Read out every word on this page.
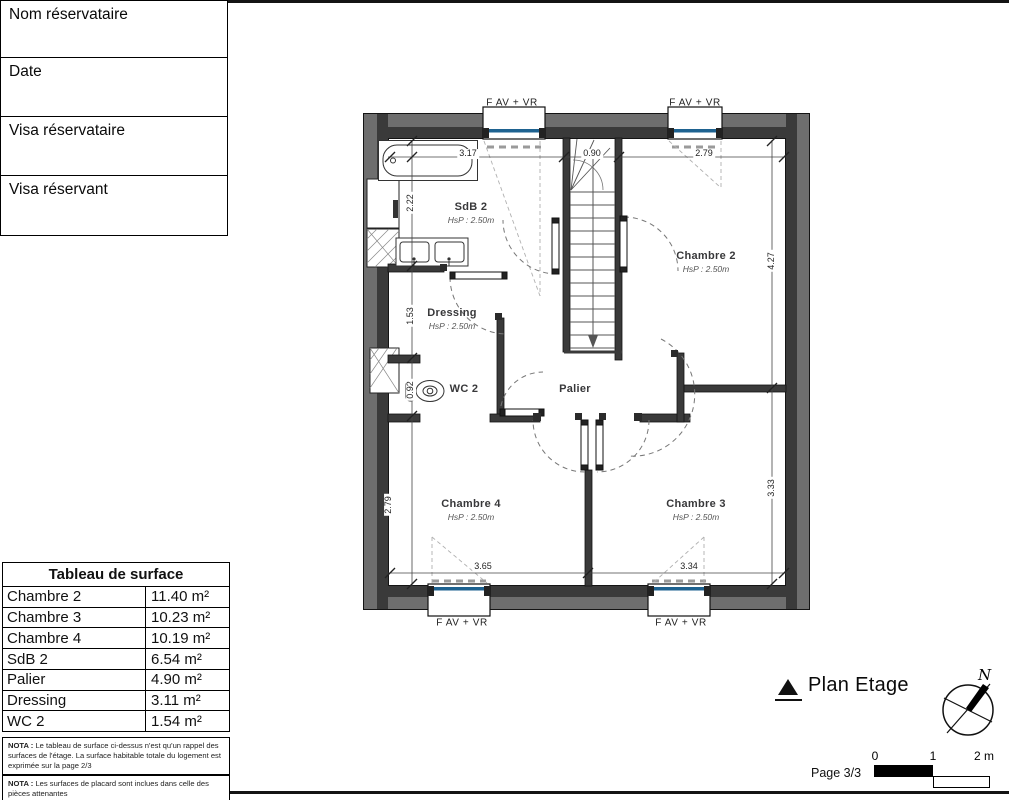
Nom réservataire
Date
Visa réservataire
Visa réservant
Tableau de surface
Chambre 2	11.40 m²
Chambre 3	10.23 m²
Chambre 4	10.19 m²
SdB 2	6.54 m²
Palier	4.90 m²
Dressing	3.11 m²
WC 2	1.54 m²
NOTA : Le tableau de surface ci-dessus n'est qu'un rappel des surfaces de l'étage. La surface habitable totale du logement est exprimée sur la page 2/3
NOTA : Les surfaces de placard sont inclues dans celle des pièces attenantes
F AV + VR	F AV + VR
F AV + VR	F AV + VR
SdB 2
HsP : 2.50m
Chambre 2
HsP : 2.50m
Dressing
HsP : 2.50m
WC 2	Palier
Chambre 4
HsP : 2.50m
Chambre 3
HsP : 2.50m
3.17	0.90	2.79
2.22
1.53
0.92
2.79
4.27
3.33
3.65	3.34
Plan Etage	N
Page 3/3
0	1	2 m
